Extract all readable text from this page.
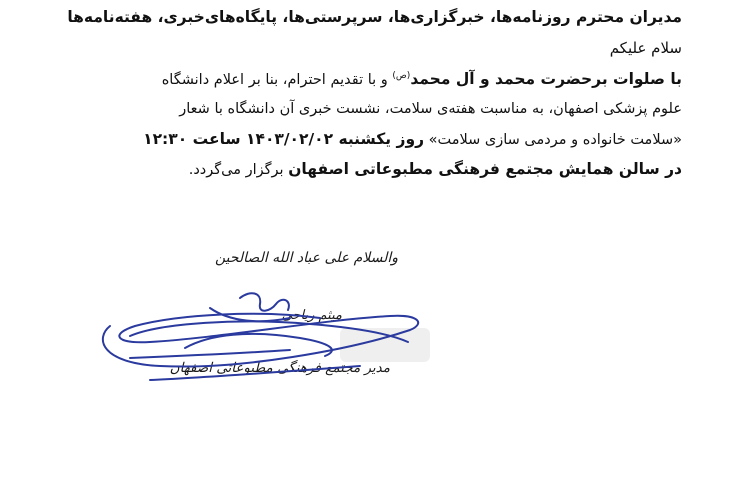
مدیران محترم روزنامه‌ها، خبرگزاری‌ها، سرپرستی‌ها، پایگاه‌های‌خبری، هفته‌نامه‌ها
سلام علیکم
با صلوات برحضرت محمد و آل محمد$^{(ص)}$ و با تقدیم احترام، بنا بر اعلام دانشگاه
علوم پزشکی اصفهان، به مناسبت هفته‌ی سلامت، نشست خبری آن دانشگاه با شعار
«سلامت خانواده و مردمی سازی سلامت» روز یکشنبه ۱۴۰۳/۰۲/۰۲ ساعت ۱۲:۳۰
در سالن همایش مجتمع فرهنگی مطبوعاتی اصفهان برگزار می‌گردد.
والسلام علی عباد الله الصالحین
میثم ریاحی
مدیر مجتمع فرهنگی مطبوعاتی اصفهان
